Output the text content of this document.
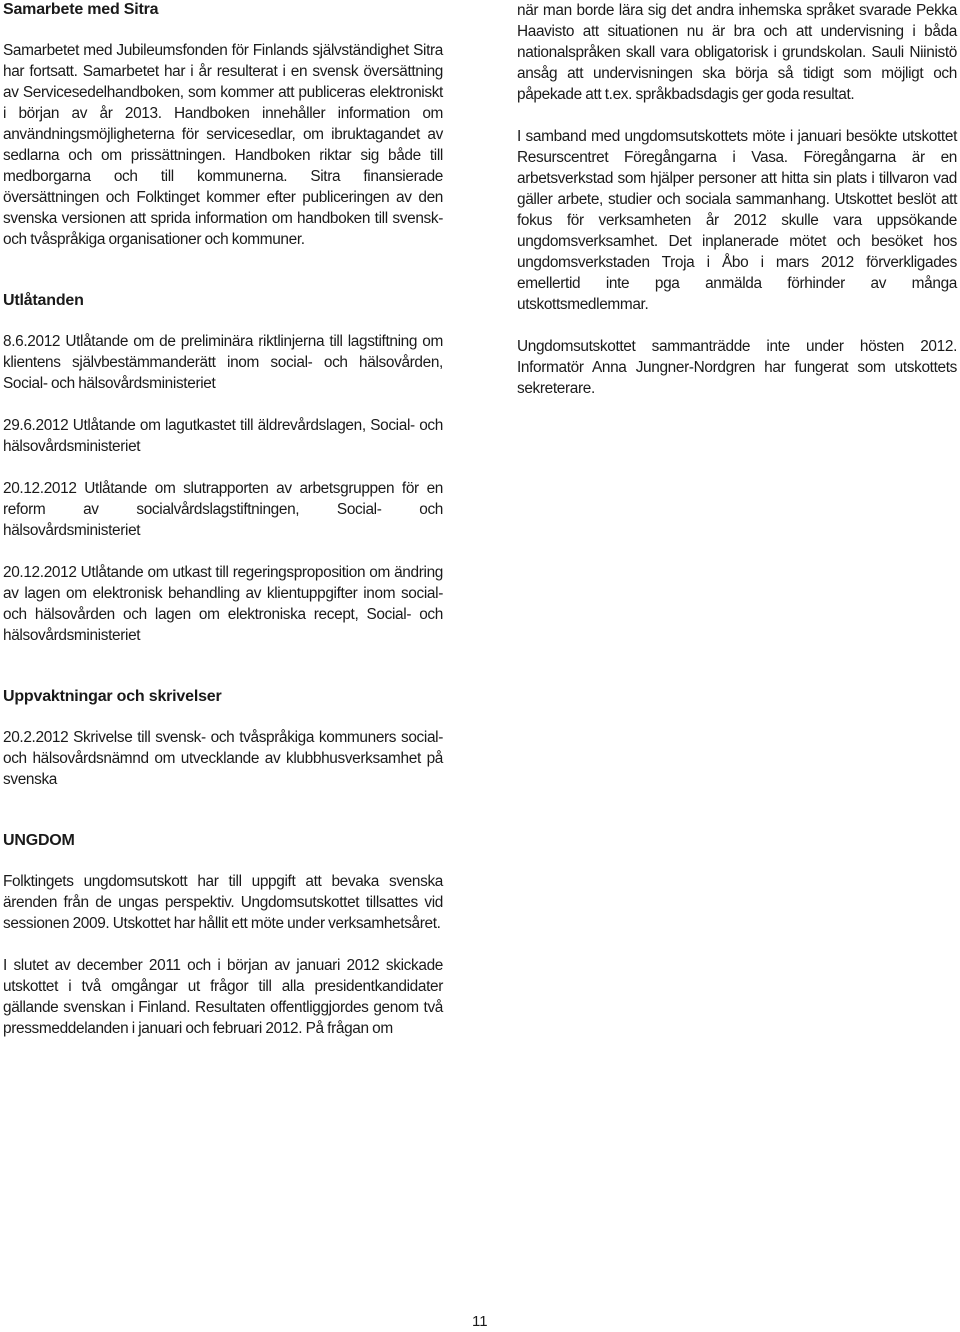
Samarbete med Sitra

Samarbetet med Jubileumsfonden för Finlands självständighet Sitra har fortsatt. Samarbetet har i år resulterat i en svensk översättning av Servicesedelhandboken, som kommer att publiceras elektroniskt i början av år 2013. Handboken innehåller information om användningsmöjligheterna för servicesedlar, om ibruktagandet av sedlarna och om prissättningen. Handboken riktar sig både till medborgarna och till kommunerna. Sitra finansierade översättningen och Folktinget kommer efter publiceringen av den svenska versionen att sprida information om handboken till svensk- och tvåspråkiga organisationer och kommuner.

Utlåtanden

8.6.2012 Utlåtande om de preliminära riktlinjerna till lagstiftning om klientens självbestämmanderätt inom social- och hälsovården, Social- och hälsovårdsministeriet

29.6.2012 Utlåtande om lagutkastet till äldrevårdslagen, Social- och hälsovårdsministeriet

20.12.2012 Utlåtande om slutrapporten av arbetsgruppen för en reform av socialvårdslagstiftningen, Social- och hälsovårdsministeriet

20.12.2012 Utlåtande om utkast till regeringsproposition om ändring av lagen om elektronisk behandling av klientuppgifter inom social- och hälsovården och lagen om elektroniska recept, Social- och hälsovårdsministeriet

Uppvaktningar och skrivelser

20.2.2012 Skrivelse till svensk- och tvåspråkiga kommuners social- och hälsovårdsnämnd om utvecklande av klubbhusverksamhet på svenska

UNGDOM

Folktingets ungdomsutskott har till uppgift att bevaka svenska ärenden från de ungas perspektiv. Ungdomsutskottet tillsattes vid sessionen 2009. Utskottet har hållit ett möte under verksamhetsåret.

I slutet av december 2011 och i början av januari 2012 skickade utskottet i två omgångar ut frågor till alla presidentkandidater gällande svenskan i Finland. Resultaten offentliggjordes genom två pressmeddelanden i januari och februari 2012. På frågan om

när man borde lära sig det andra inhemska språket svarade Pekka Haavisto att situationen nu är bra och att undervisning i båda nationalspråken skall vara obligatorisk i grundskolan. Sauli Niinistö ansåg att undervisningen ska börja så tidigt som möjligt och påpekade att t.ex. språkbadsdagis ger goda resultat.

I samband med ungdomsutskottets möte i januari besökte utskottet Resurscentret Föregångarna i Vasa. Föregångarna är en arbetsverkstad som hjälper personer att hitta sin plats i tillvaron vad gäller arbete, studier och sociala sammanhang. Utskottet beslöt att fokus för verksamheten år 2012 skulle vara uppsökande ungdomsverksamhet. Det inplanerade mötet och besöket hos ungdomsverkstaden Troja i Åbo i mars 2012 förverkligades emellertid inte pga anmälda förhinder av många utskottsmedlemmar.

Ungdomsutskottet sammanträdde inte under hösten 2012. Informatör Anna Jungner-Nordgren har fungerat som utskottets sekreterare.

11
